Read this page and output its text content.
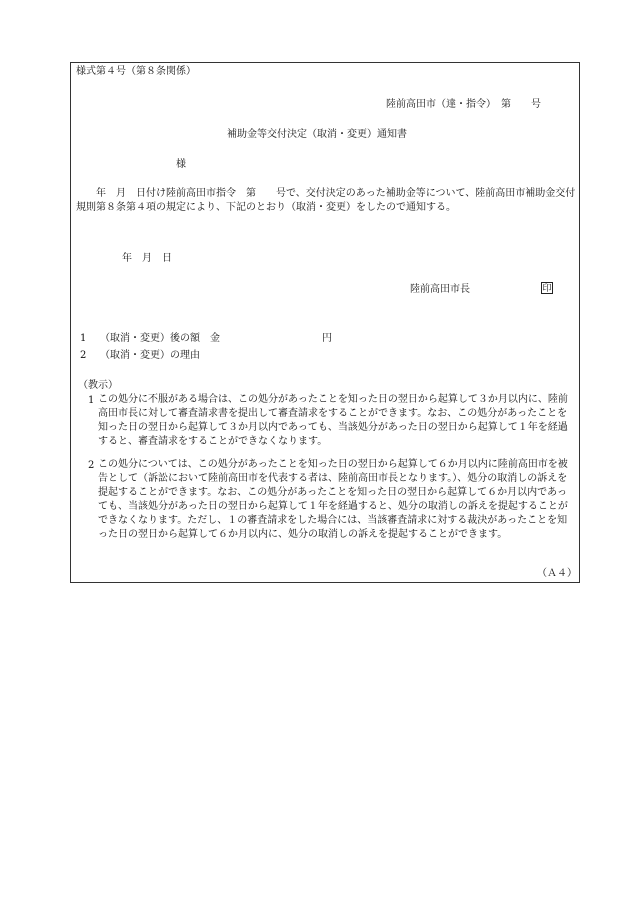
様式第４号（第８条関係）
陸前高田市（達・指令）　第　　号
補助金等交付決定（取消・変更）通知書
様
　　年　月　日付け陸前高田市指令　第　　号で、交付決定のあった補助金等について、陸前高田市補助金交付規則第８条第４項の規定により、下記のとおり（取消・変更）をしたので通知する。
年　月　日
陸前高田市長	印
1 （取消・変更）後の額　金	円
2 （取消・変更）の理由
（教示）
1 この処分に不服がある場合は、この処分があったことを知った日の翌日から起算して３か月以内に、陸前高田市長に対して審査請求書を提出して審査請求をすることができます。なお、この処分があったことを知った日の翌日から起算して３か月以内であっても、当該処分があった日の翌日から起算して１年を経過すると、審査請求をすることができなくなります。
2 この処分については、この処分があったことを知った日の翌日から起算して６か月以内に陸前高田市を被告として（訴訟において陸前高田市を代表する者は、陸前高田市長となります。）、処分の取消しの訴えを提起することができます。なお、この処分があったことを知った日の翌日から起算して６か月以内であっても、当該処分があった日の翌日から起算して１年を経過すると、処分の取消しの訴えを提起することができなくなります。ただし、１の審査請求をした場合には、当該審査請求に対する裁決があったことを知った日の翌日から起算して６か月以内に、処分の取消しの訴えを提起することができます。
（Ａ４）
